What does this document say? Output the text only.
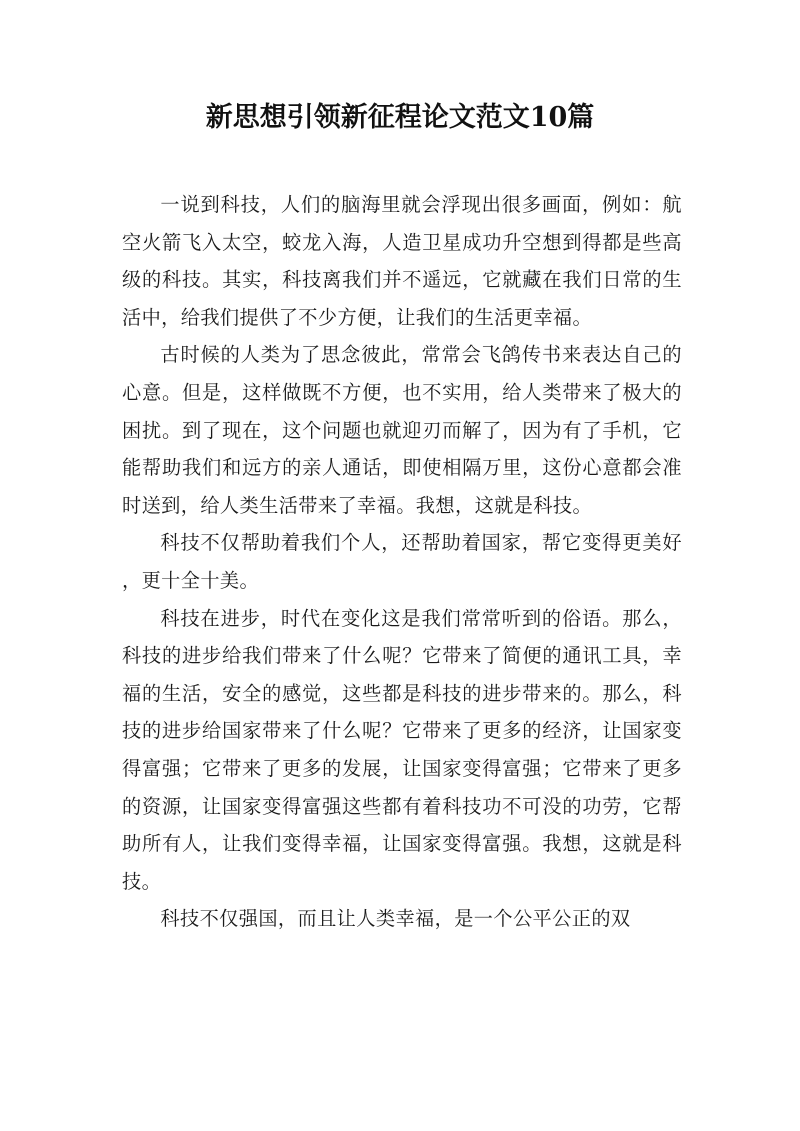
新思想引领新征程论文范文10篇

一说到科技，人们的脑海里就会浮现出很多画面，例如：航空火箭飞入太空，蛟龙入海，人造卫星成功升空想到得都是些高级的科技。其实，科技离我们并不遥远，它就藏在我们日常的生活中，给我们提供了不少方便，让我们的生活更幸福。

古时候的人类为了思念彼此，常常会飞鸽传书来表达自己的心意。但是，这样做既不方便，也不实用，给人类带来了极大的困扰。到了现在，这个问题也就迎刃而解了，因为有了手机，它能帮助我们和远方的亲人通话，即使相隔万里，这份心意都会准时送到，给人类生活带来了幸福。我想，这就是科技。

科技不仅帮助着我们个人，还帮助着国家，帮它变得更美好，更十全十美。

科技在进步，时代在变化这是我们常常听到的俗语。那么，科技的进步给我们带来了什么呢？它带来了简便的通讯工具，幸福的生活，安全的感觉，这些都是科技的进步带来的。那么，科技的进步给国家带来了什么呢？它带来了更多的经济，让国家变得富强；它带来了更多的发展，让国家变得富强；它带来了更多的资源，让国家变得富强这些都有着科技功不可没的功劳，它帮助所有人，让我们变得幸福，让国家变得富强。我想，这就是科技。

科技不仅强国，而且让人类幸福，是一个公平公正的双
